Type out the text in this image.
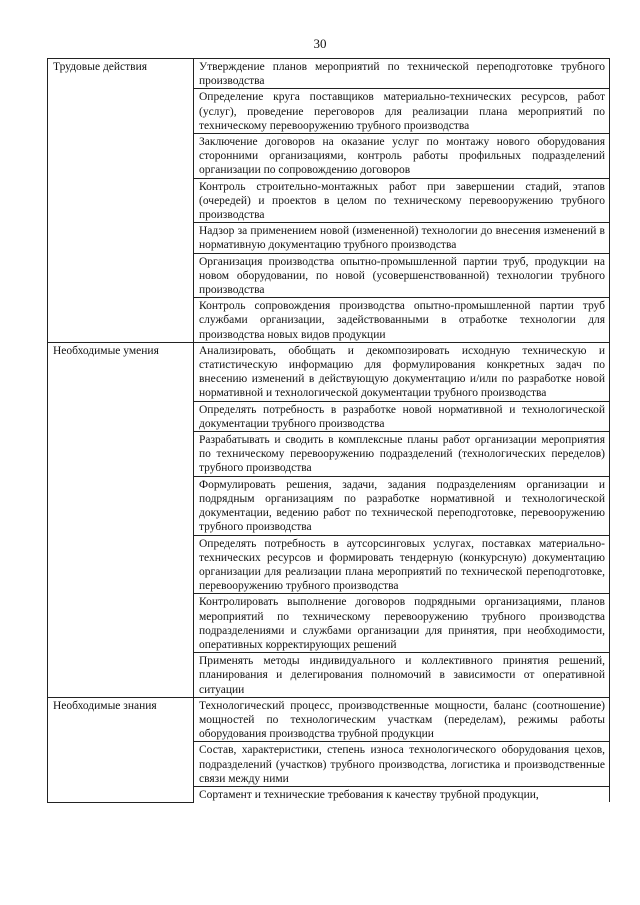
30
Трудовые действия	Утверждение планов мероприятий по технической переподготовке трубного производства
	Определение круга поставщиков материально-технических ресурсов, работ (услуг), проведение переговоров для реализации плана мероприятий по техническому перевооружению трубного производства
	Заключение договоров на оказание услуг по монтажу нового оборудования сторонними организациями, контроль работы профильных подразделений организации по сопровождению договоров
	Контроль строительно-монтажных работ при завершении стадий, этапов (очередей) и проектов в целом по техническому перевооружению трубного производства
	Надзор за применением новой (измененной) технологии до внесения изменений в нормативную документацию трубного производства
	Организация производства опытно-промышленной партии труб, продукции на новом оборудовании, по новой (усовершенствованной) технологии трубного производства
	Контроль сопровождения производства опытно-промышленной партии труб службами организации, задействованными в отработке технологии для производства новых видов продукции
Необходимые умения	Анализировать, обобщать и декомпозировать исходную техническую и статистическую информацию для формулирования конкретных задач по внесению изменений в действующую документацию и/или по разработке новой нормативной и технологической документации трубного производства
	Определять потребность в разработке новой нормативной и технологической документации трубного производства
	Разрабатывать и сводить в комплексные планы работ организации мероприятия по техническому перевооружению подразделений (технологических переделов) трубного производства
	Формулировать решения, задачи, задания подразделениям организации и подрядным организациям по разработке нормативной и технологической документации, ведению работ по технической переподготовке, перевооружению трубного производства
	Определять потребность в аутсорсинговых услугах, поставках материально-технических ресурсов и формировать тендерную (конкурсную) документацию организации для реализации плана мероприятий по технической переподготовке, перевооружению трубного производства
	Контролировать выполнение договоров подрядными организациями, планов мероприятий по техническому перевооружению трубного производства подразделениями и службами организации для принятия, при необходимости, оперативных корректирующих решений
	Применять методы индивидуального и коллективного принятия решений, планирования и делегирования полномочий в зависимости от оперативной ситуации
Необходимые знания	Технологический процесс, производственные мощности, баланс (соотношение) мощностей по технологическим участкам (переделам), режимы работы оборудования производства трубной продукции
	Состав, характеристики, степень износа технологического оборудования цехов, подразделений (участков) трубного производства, логистика и производственные связи между ними
	Сортамент и технические требования к качеству трубной продукции,
